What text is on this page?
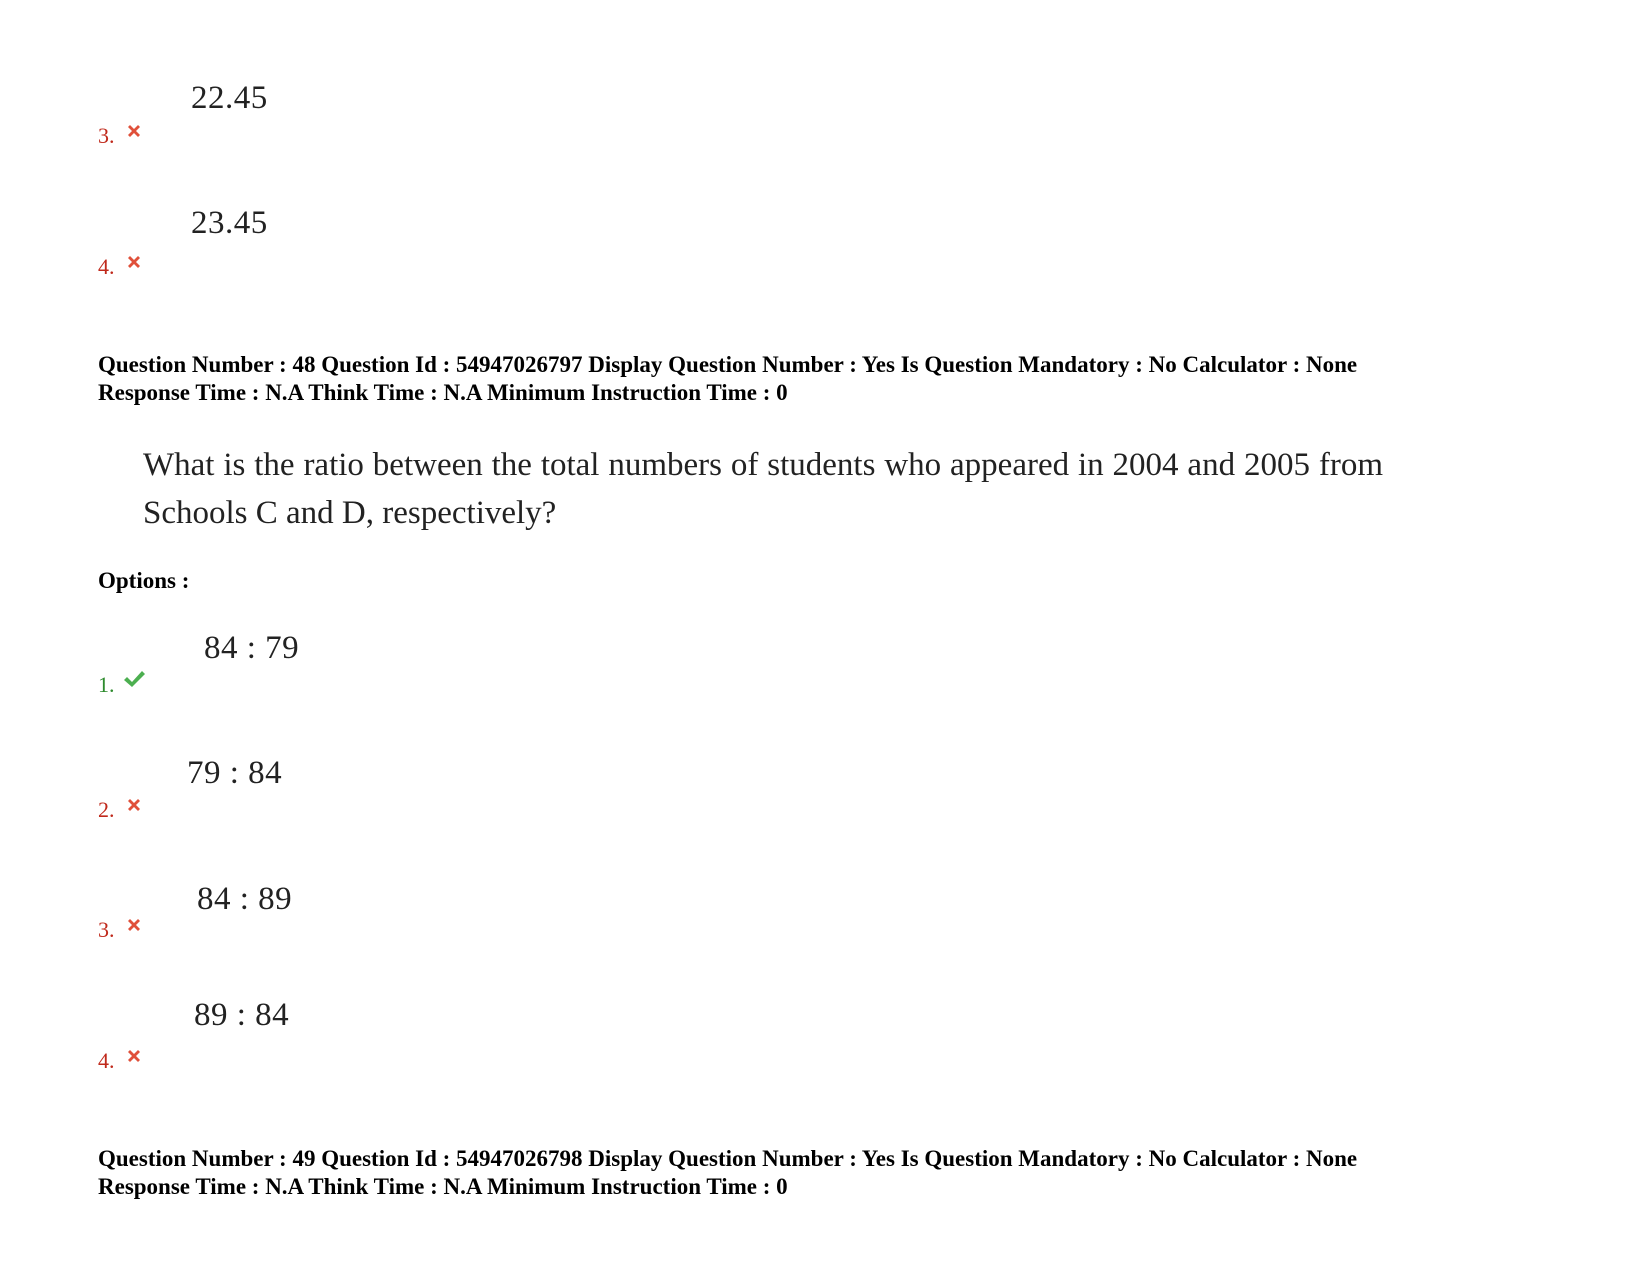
3.
22.45
4.
23.45
Question Number : 48 Question Id : 54947026797 Display Question Number : Yes Is Question Mandatory : No Calculator : None
Response Time : N.A Think Time : N.A Minimum Instruction Time : 0
What is the ratio between the total numbers of students who appeared in 2004 and 2005 from Schools C and D, respectively?
Options :
1.
84 : 79
2.
79 : 84
3.
84 : 89
4.
89 : 84
Question Number : 49 Question Id : 54947026798 Display Question Number : Yes Is Question Mandatory : No Calculator : None
Response Time : N.A Think Time : N.A Minimum Instruction Time : 0
